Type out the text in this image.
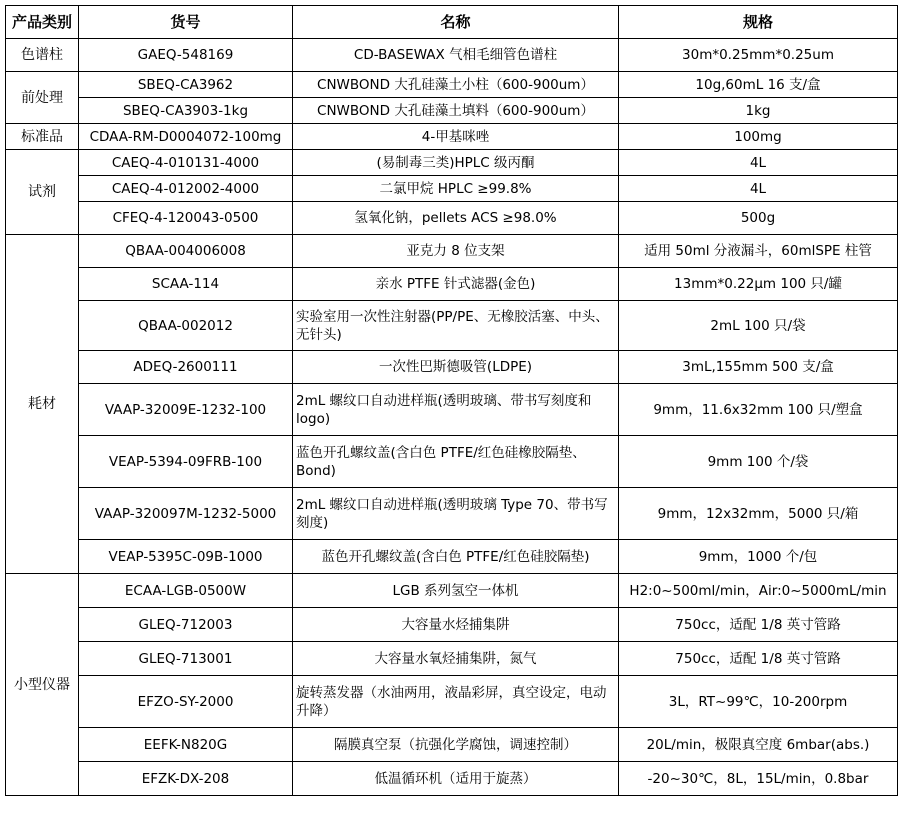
产品类别	货号	名称	规格
色谱柱	GAEQ-548169	CD-BASEWAX 气相毛细管色谱柱	30m*0.25mm*0.25um
前处理	SBEQ-CA3962	CNWBOND 大孔硅藻土小柱（600-900um）	10g,60mL 16 支/盒
	SBEQ-CA3903-1kg	CNWBOND 大孔硅藻土填料（600-900um）	1kg
标准品	CDAA-RM-D0004072-100mg	4-甲基咪唑	100mg
试剂	CAEQ-4-010131-4000	(易制毒三类)HPLC 级丙酮	4L
	CAEQ-4-012002-4000	二氯甲烷 HPLC ≥99.8%	4L
	CFEQ-4-120043-0500	氢氧化钠，pellets ACS ≥98.0%	500g
耗材	QBAA-004006008	亚克力 8 位支架	适用 50ml 分液漏斗，60mlSPE 柱管
	SCAA-114	亲水 PTFE 针式滤器(金色)	13mm*0.22μm 100 只/罐
	QBAA-002012	实验室用一次性注射器(PP/PE、无橡胶活塞、中头、无针头)	2mL 100 只/袋
	ADEQ-2600111	一次性巴斯德吸管(LDPE)	3mL,155mm 500 支/盒
	VAAP-32009E-1232-100	2mL 螺纹口自动进样瓶(透明玻璃、带书写刻度和 logo)	9mm，11.6x32mm 100 只/塑盒
	VEAP-5394-09FRB-100	蓝色开孔螺纹盖(含白色 PTFE/红色硅橡胶隔垫、Bond)	9mm 100 个/袋
	VAAP-320097M-1232-5000	2mL 螺纹口自动进样瓶(透明玻璃 Type 70、带书写刻度)	9mm，12x32mm，5000 只/箱
	VEAP-5395C-09B-1000	蓝色开孔螺纹盖(含白色 PTFE/红色硅胶隔垫)	9mm，1000 个/包
小型仪器	ECAA-LGB-0500W	LGB 系列氢空一体机	H2:0~500ml/min，Air:0~5000mL/min
	GLEQ-712003	大容量水烃捕集阱	750cc，适配 1/8 英寸管路
	GLEQ-713001	大容量水氧烃捕集阱，氮气	750cc，适配 1/8 英寸管路
	EFZO-SY-2000	旋转蒸发器（水油两用，液晶彩屏，真空设定，电动升降）	3L，RT~99℃，10-200rpm
	EEFK-N820G	隔膜真空泵（抗强化学腐蚀，调速控制）	20L/min，极限真空度 6mbar(abs.)
	EFZK-DX-208	低温循环机（适用于旋蒸）	-20~30℃，8L，15L/min，0.8bar
